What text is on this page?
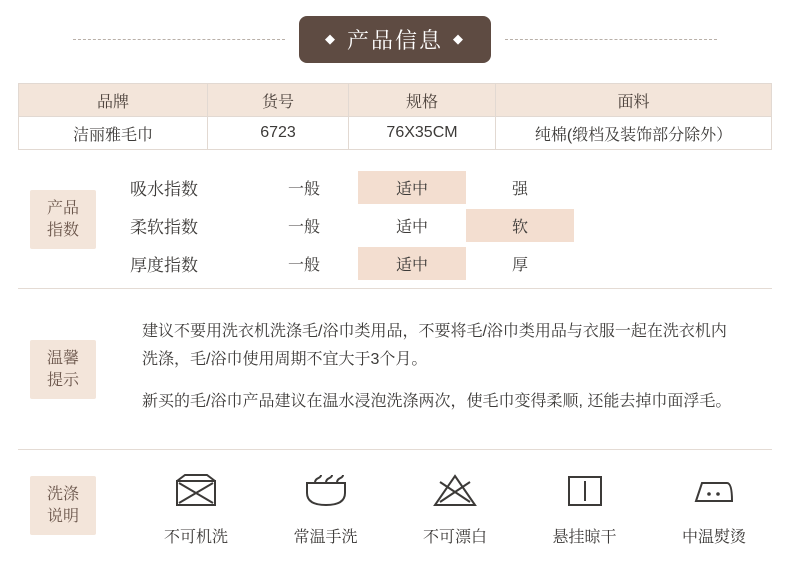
◆ 产品信息 ◆
品牌	货号	规格	面料
洁丽雅毛巾	6723	76X35CM	纯棉(缎档及装饰部分除外）
产品
指数
吸水指数	一般	适中	强
柔软指数	一般	适中	软
厚度指数	一般	适中	厚
温馨
提示

建议不要用洗衣机洗涤毛/浴巾类用品，不要将毛/浴巾类用品与衣服一起在洗衣机内洗涤，毛/浴巾使用周期不宜大于3个月。

新买的毛/浴巾产品建议在温水浸泡洗涤两次，使毛巾变得柔顺, 还能去掉巾面浮毛。

洗涤
说明
不可机洗	常温手洗	不可漂白	悬挂晾干	中温熨烫
